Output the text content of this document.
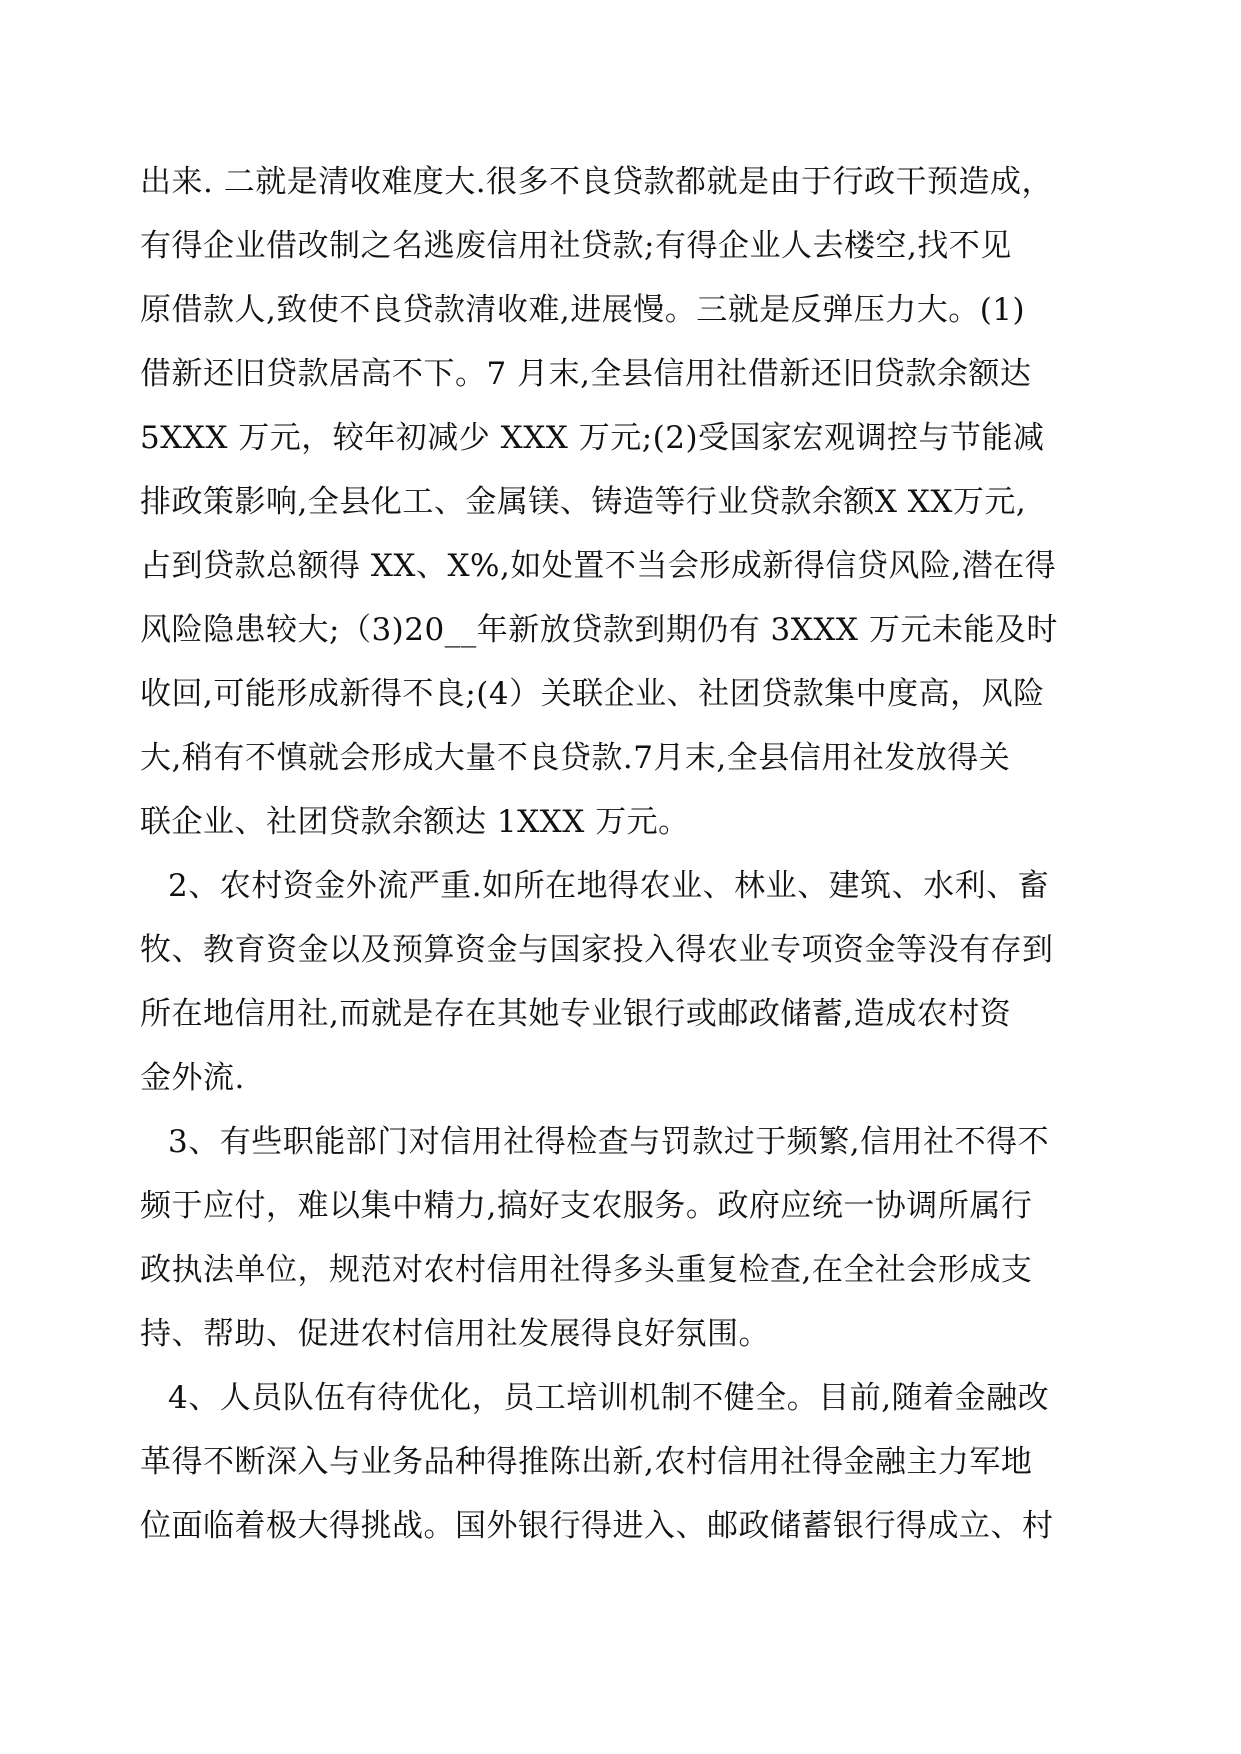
出来. 二就是清收难度大.很多不良贷款都就是由于行政干预造成，
有得企业借改制之名逃废信用社贷款;有得企业人去楼空,找不见
原借款人,致使不良贷款清收难,进展慢。三就是反弹压力大。(1)
借新还旧贷款居高不下。7 月末,全县信用社借新还旧贷款余额达
5XXX 万元，较年初减少 XXX 万元;(2)受国家宏观调控与节能减
排政策影响,全县化工、金属镁、铸造等行业贷款余额X XX万元,
占到贷款总额得 XX、X%,如处置不当会形成新得信贷风险,潜在得
风险隐患较大;（3)20__年新放贷款到期仍有 3XXX 万元未能及时
收回,可能形成新得不良;(4）关联企业、社团贷款集中度高，风险
大,稍有不慎就会形成大量不良贷款.7月末,全县信用社发放得关
联企业、社团贷款余额达 1XXX 万元。
2、农村资金外流严重.如所在地得农业、林业、建筑、水利、畜
牧、教育资金以及预算资金与国家投入得农业专项资金等没有存到
所在地信用社,而就是存在其她专业银行或邮政储蓄,造成农村资
金外流.
3、有些职能部门对信用社得检查与罚款过于频繁,信用社不得不
频于应付，难以集中精力,搞好支农服务。政府应统一协调所属行
政执法单位，规范对农村信用社得多头重复检查,在全社会形成支
持、帮助、促进农村信用社发展得良好氛围。
4、人员队伍有待优化，员工培训机制不健全。目前,随着金融改
革得不断深入与业务品种得推陈出新,农村信用社得金融主力军地
位面临着极大得挑战。国外银行得进入、邮政储蓄银行得成立、村
